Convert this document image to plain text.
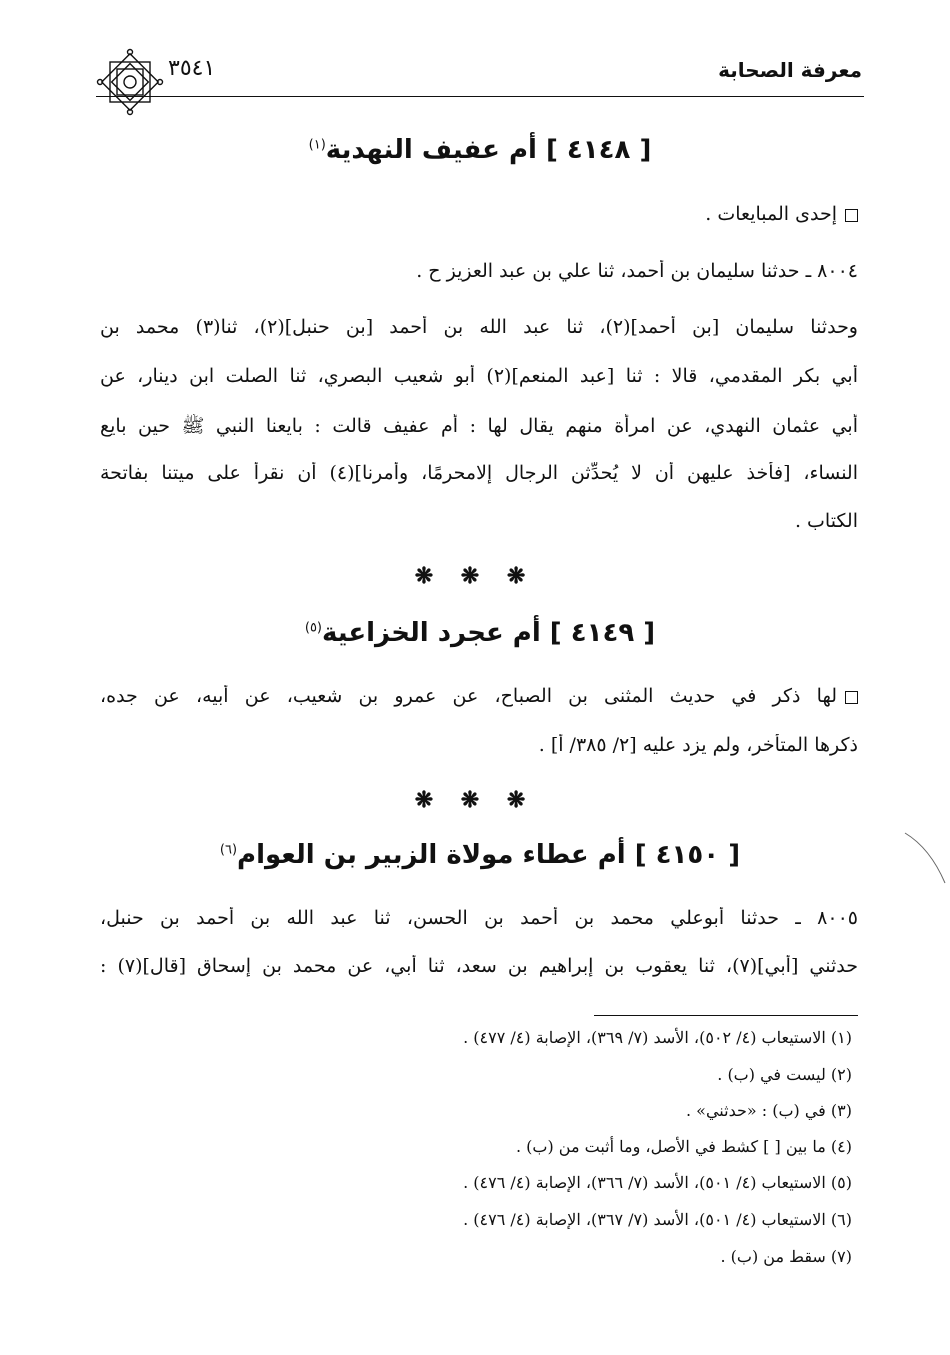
معرفة الصحابة
٣٥٤١
[ ٤١٤٨ ] أم عفيف النهدية$^{(١)}$
إحدى المبايعات .
٨٠٠٤ ـ حدثنا سليمان بن أحمد، ثنا علي بن عبد العزيز ح .
وحدثنا سليمان [بن أحمد](٢)، ثنا عبد الله بن أحمد [بن حنبل](٢)، ثنا(٣) محمد بن
أبي بكر المقدمي، قالا : ثنا [عبد المنعم](٢) أبو شعيب البصري، ثنا الصلت ابن دينار، عن
أبي عثمان النهدي، عن امرأة منهم يقال لها : أم عفيف قالت : بايعنا النبي ﷺ حين بايع
النساء، [فأخذ عليهن أن لا يُحدِّثن الرجال إلامحرمًا، وأمرنا](٤) أن نقرأ على ميتنا بفاتحة
الكتاب .
❋ ❋ ❋
[ ٤١٤٩ ] أم عجرد الخزاعية$^{(٥)}$
لها ذكر في حديث المثنى بن الصباح، عن عمرو بن شعيب، عن أبيه، عن جده،
ذكرها المتأخر، ولم يزد عليه [٢/ ٣٨٥/ أ] .
❋ ❋ ❋
[ ٤١٥٠ ] أم عطاء مولاة الزبير بن العوام$^{(٦)}$
٨٠٠٥ ـ حدثنا أبوعلي محمد بن أحمد بن الحسن، ثنا عبد الله بن أحمد بن حنبل،
حدثني [أبي](٧)، ثنا يعقوب بن إبراهيم بن سعد، ثنا أبي، عن محمد بن إسحاق [قال](٧) :
(١) الاستيعاب (٤/ ٥٠٢)، الأسد (٧/ ٣٦٩)، الإصابة (٤/ ٤٧٧) .
(٢) ليست في (ب) .
(٣) في (ب) : «حدثني» .
(٤) ما بين [ ] كشط في الأصل، وما أثبت من (ب) .
(٥) الاستيعاب (٤/ ٥٠١)، الأسد (٧/ ٣٦٦)، الإصابة (٤/ ٤٧٦) .
(٦) الاستيعاب (٤/ ٥٠١)، الأسد (٧/ ٣٦٧)، الإصابة (٤/ ٤٧٦) .
(٧) سقط من (ب) .
